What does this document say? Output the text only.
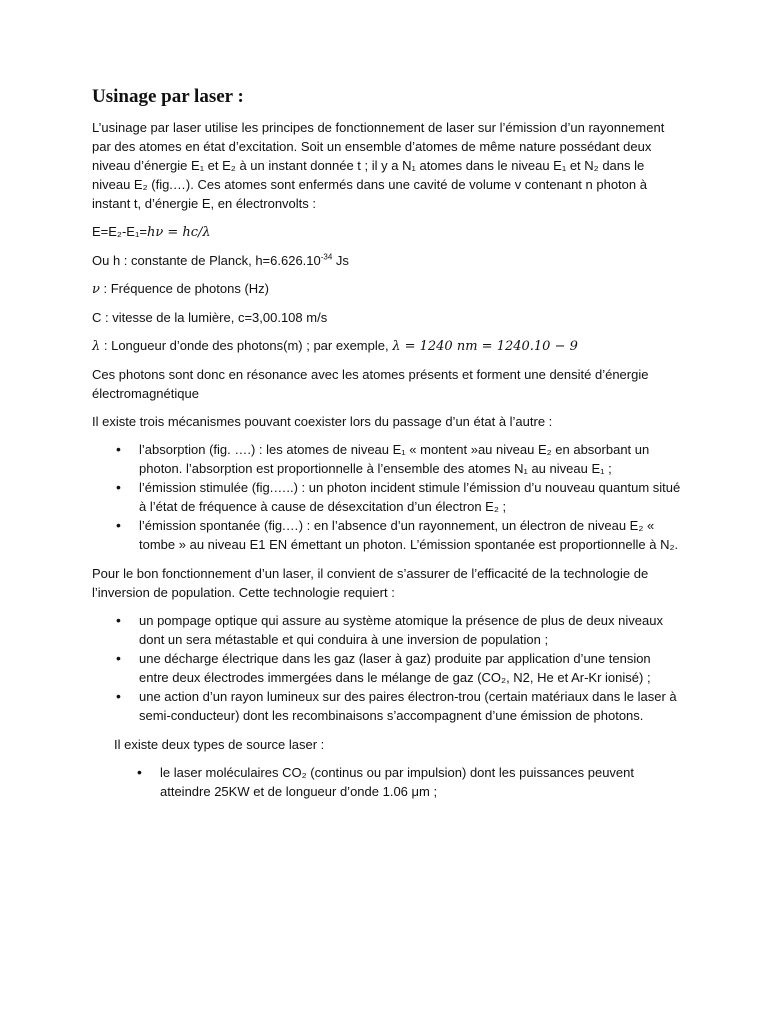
Usinage par laser :

L’usinage par laser utilise les principes de fonctionnement de laser sur l’émission d’un rayonnement par des atomes en état d’excitation. Soit un ensemble d’atomes de même nature possédant deux niveau d’énergie E₁ et E₂ à un instant donnée t ; il y a N₁ atomes dans le niveau E₁ et N₂ dans le niveau E₂ (fig.…). Ces atomes sont enfermés dans une cavité de volume v contenant n photon à instant t, d’énergie E, en électronvolts :

E=E₂-E₁=hν = hc/λ

Ou h : constante de Planck, $h=6.626.10^{-34}$ Js

ν : Fréquence de photons (Hz)

C : vitesse de la lumière, c=3,00.108 m/s

λ : Longueur d’onde des photons(m) ; par exemple, λ = 1240 nm = 1240.10 − 9

Ces photons sont donc en résonance avec les atomes présents et forment une densité d’énergie électromagnétique

Il existe trois mécanismes pouvant coexister lors du passage d’un état à l’autre :

• l’absorption (fig. ….) : les atomes de niveau E₁ « montent »au niveau E₂ en absorbant un photon. l’absorption est proportionnelle à l’ensemble des atomes N₁ au niveau E₁ ;
• l’émission stimulée (fig.…..) : un photon incident stimule l’émission d’u nouveau quantum situé à l’état de fréquence à cause de désexcitation d’un électron E₂ ;
• l’émission spontanée (fig.…) : en l’absence d’un rayonnement, un électron de niveau E₂ « tombe » au niveau E1 EN émettant un photon. L’émission spontanée est proportionnelle à N₂.

Pour le bon fonctionnement d’un laser, il convient de s’assurer de l’efficacité de la technologie de l’inversion de population. Cette technologie requiert :

• un pompage optique qui assure au système atomique la présence de plus de deux niveaux dont un sera métastable et qui conduira à une inversion de population ;
• une décharge électrique dans les gaz (laser à gaz) produite par application d’une tension entre deux électrodes immergées dans le mélange de gaz (CO₂, N2, He et Ar-Kr ionisé) ;
• une action d’un rayon lumineux sur des paires électron-trou (certain matériaux dans le laser à semi-conducteur) dont les recombinaisons s’accompagnent d’une émission de photons.

Il existe deux types de source laser :

• le laser moléculaires CO₂ (continus ou par impulsion) dont les puissances peuvent atteindre 25KW et de longueur d’onde 1.06 μm ;
